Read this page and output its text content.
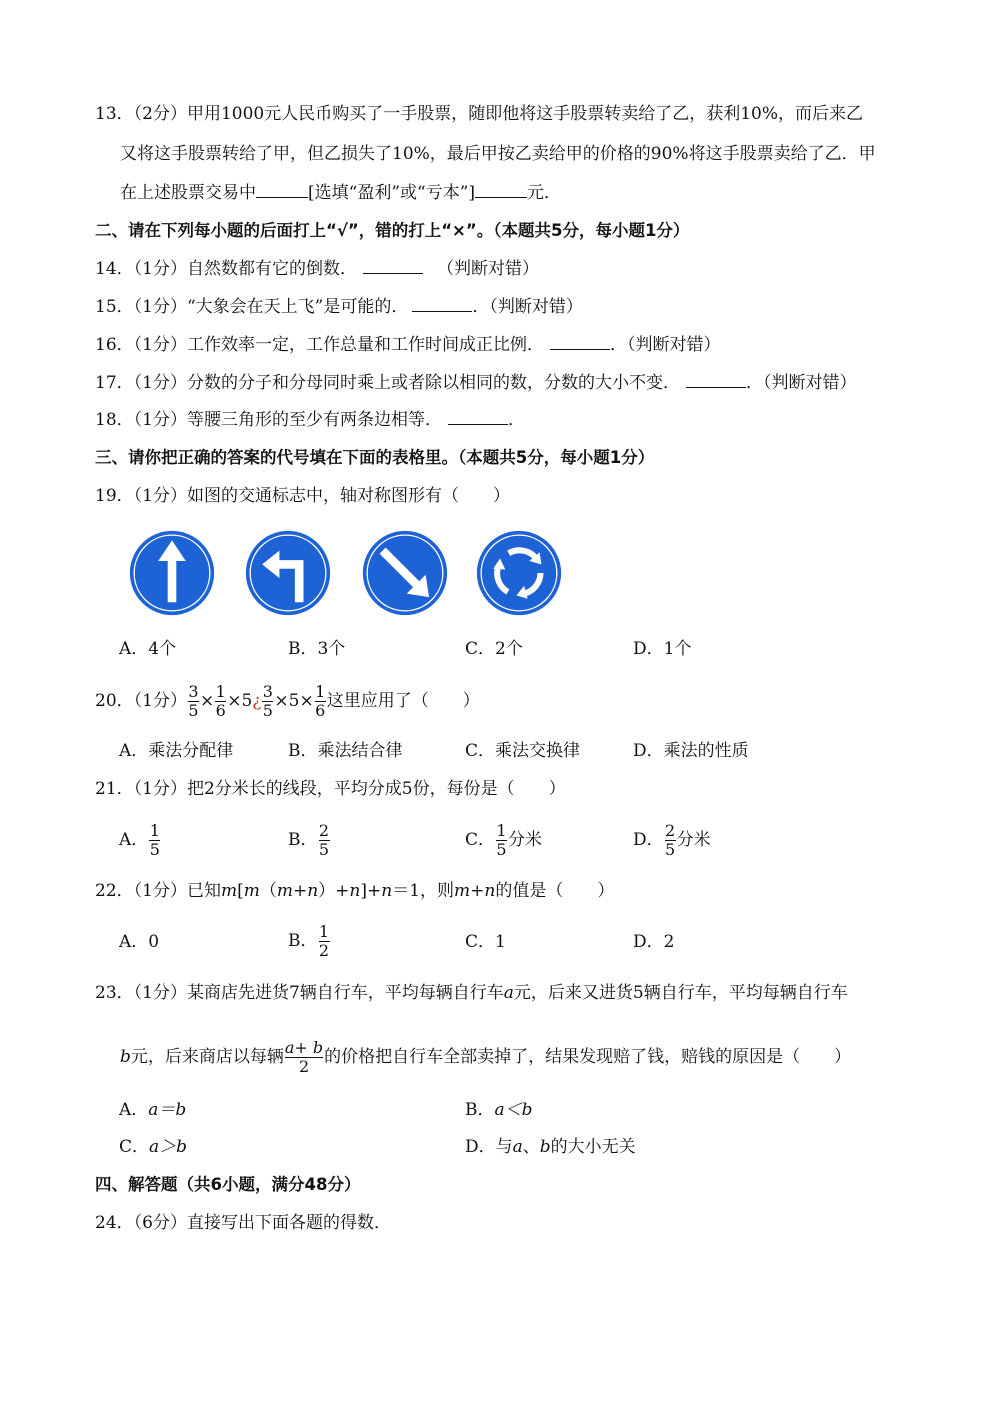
13．（2分）甲用1000元人民币购买了一手股票，随即他将这手股票转卖给了乙，获利10%，而后来乙
又将这手股票转给了甲，但乙损失了10%，最后甲按乙卖给甲的价格的90%将这手股票卖给了乙．甲
在上述股票交易中	[选填“盈利”或“亏本”]	元．
二、请在下列每小题的后面打上“√”，错的打上“×”。（本题共5分，每小题1分）
14．（1分）自然数都有它的倒数．	（判断对错）
15．（1分）“大象会在天上飞”是可能的．	．（判断对错）
16．（1分）工作效率一定，工作总量和工作时间成正比例．	．（判断对错）
17．（1分）分数的分子和分母同时乘上或者除以相同的数，分数的大小不变．	．（判断对错）
18．（1分）等腰三角形的至少有两条边相等．	．
三、请你把正确的答案的代号填在下面的表格里。（本题共5分，每小题1分）
19．（1分）如图的交通标志中，轴对称图形有（　　）
A．4个	B．3个	C．2个	D．1个
20．（1分） $\frac{3}{5} \times \frac{1}{6} \times 5$ ¿ $\frac{3}{5} \times 5\times \frac{1}{6}$ 这里应用了（　　）
A．乘法分配律	B．乘法结合律	C．乘法交换律	D．乘法的性质
21．（1分）把2分米长的线段，平均分成5份，每份是（　　）
A． $\frac{1}{5}$	B． $\frac{2}{5}$	C． $\frac{1}{5}$ 分米	D． $\frac{2}{5}$ 分米
22．（1分）已知m[m（m+n）+n]+n＝1，则m+n的值是（　　）
A．0	B． $\frac{1}{2}$	C．1	D．2
23．（1分）某商店先进货7辆自行车，平均每辆自行车a元，后来又进货5辆自行车，平均每辆自行车
b 元，后来商店以每辆 $\frac{a+ b}{2}$ 的价格把自行车全部卖掉了，结果发现赔了钱，赔钱的原因是（　　）
A．a＝b	B．a＜b
C．a＞b	D．与a、b的大小无关
四、解答题（共6小题，满分48分）
24．（6分）直接写出下面各题的得数．
